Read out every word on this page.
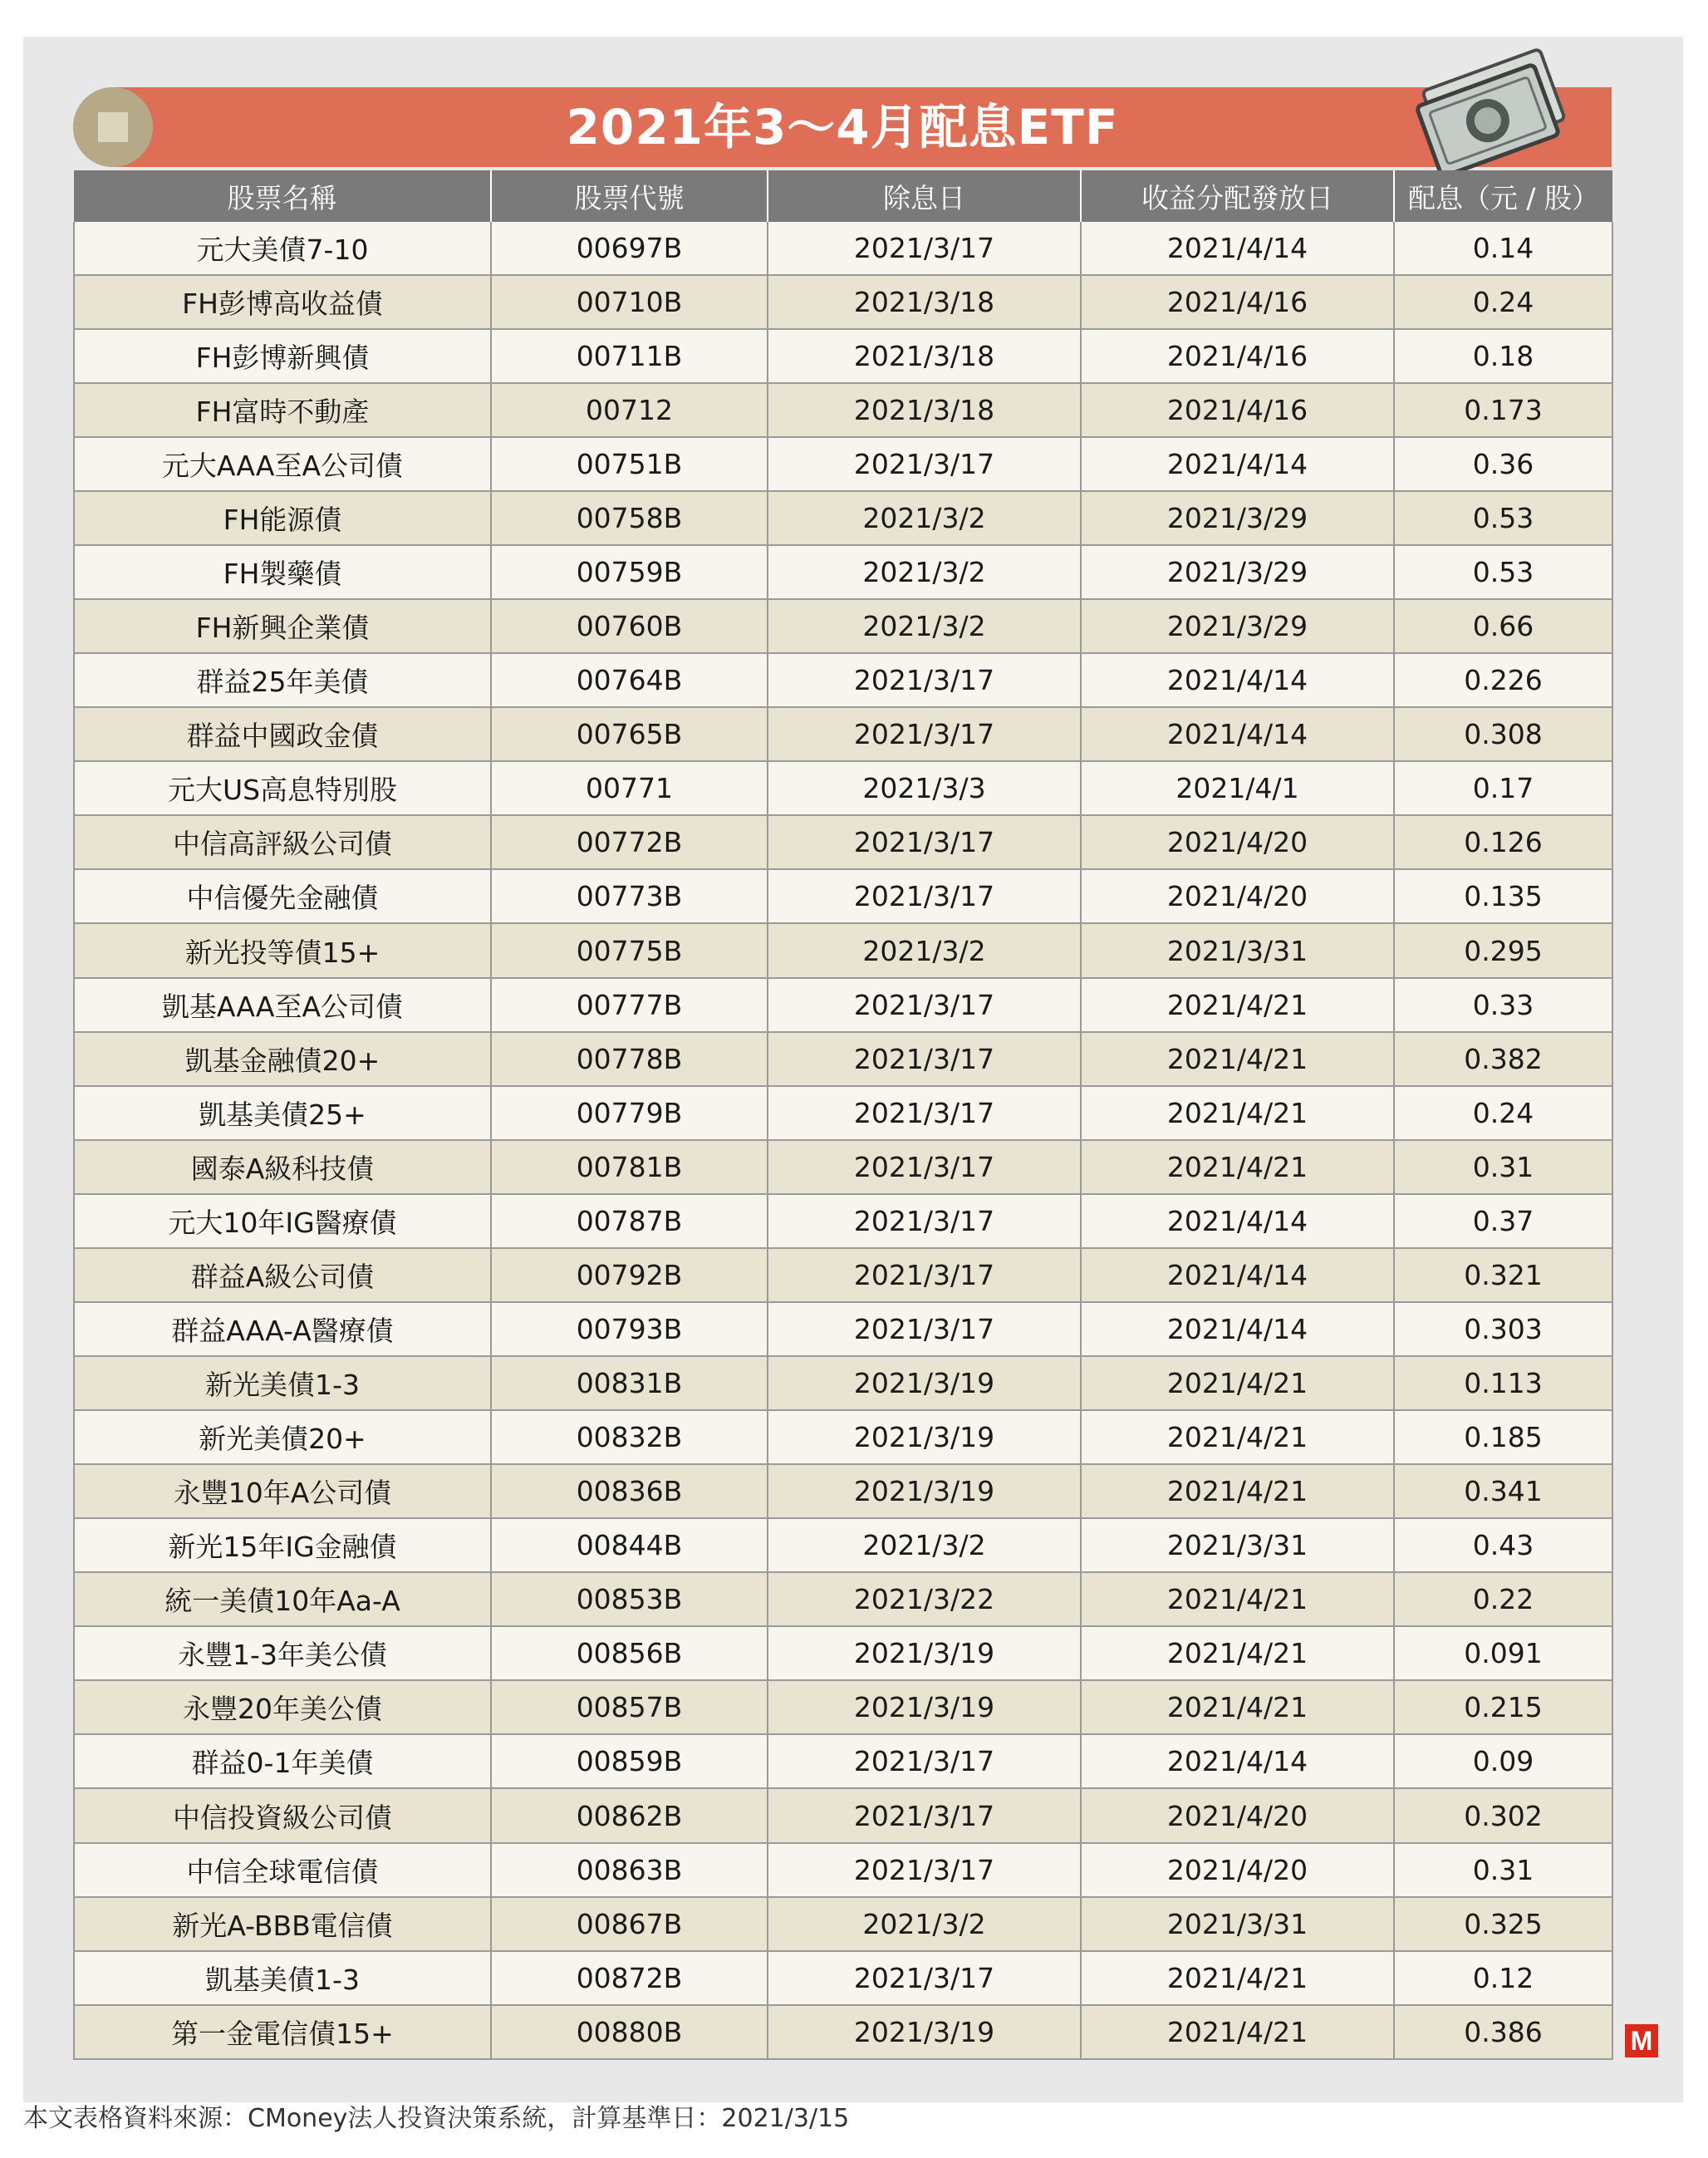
2021年3～4月配息ETF
股票名稱	股票代號	除息日	收益分配發放日	配息（元 / 股）
元大美債7-10	00697B	2021/3/17	2021/4/14	0.14
FH彭博高收益債	00710B	2021/3/18	2021/4/16	0.24
FH彭博新興債	00711B	2021/3/18	2021/4/16	0.18
FH富時不動產	00712	2021/3/18	2021/4/16	0.173
元大AAA至A公司債	00751B	2021/3/17	2021/4/14	0.36
FH能源債	00758B	2021/3/2	2021/3/29	0.53
FH製藥債	00759B	2021/3/2	2021/3/29	0.53
FH新興企業債	00760B	2021/3/2	2021/3/29	0.66
群益25年美債	00764B	2021/3/17	2021/4/14	0.226
群益中國政金債	00765B	2021/3/17	2021/4/14	0.308
元大US高息特別股	00771	2021/3/3	2021/4/1	0.17
中信高評級公司債	00772B	2021/3/17	2021/4/20	0.126
中信優先金融債	00773B	2021/3/17	2021/4/20	0.135
新光投等債15+	00775B	2021/3/2	2021/3/31	0.295
凱基AAA至A公司債	00777B	2021/3/17	2021/4/21	0.33
凱基金融債20+	00778B	2021/3/17	2021/4/21	0.382
凱基美債25+	00779B	2021/3/17	2021/4/21	0.24
國泰A級科技債	00781B	2021/3/17	2021/4/21	0.31
元大10年IG醫療債	00787B	2021/3/17	2021/4/14	0.37
群益A級公司債	00792B	2021/3/17	2021/4/14	0.321
群益AAA-A醫療債	00793B	2021/3/17	2021/4/14	0.303
新光美債1-3	00831B	2021/3/19	2021/4/21	0.113
新光美債20+	00832B	2021/3/19	2021/4/21	0.185
永豐10年A公司債	00836B	2021/3/19	2021/4/21	0.341
新光15年IG金融債	00844B	2021/3/2	2021/3/31	0.43
統一美債10年Aa-A	00853B	2021/3/22	2021/4/21	0.22
永豐1-3年美公債	00856B	2021/3/19	2021/4/21	0.091
永豐20年美公債	00857B	2021/3/19	2021/4/21	0.215
群益0-1年美債	00859B	2021/3/17	2021/4/14	0.09
中信投資級公司債	00862B	2021/3/17	2021/4/20	0.302
中信全球電信債	00863B	2021/3/17	2021/4/20	0.31
新光A-BBB電信債	00867B	2021/3/2	2021/3/31	0.325
凱基美債1-3	00872B	2021/3/17	2021/4/21	0.12
第一金電信債15+	00880B	2021/3/19	2021/4/21	0.386	M
本文表格資料來源：CMoney法人投資決策系統，計算基準日：2021/3/15
